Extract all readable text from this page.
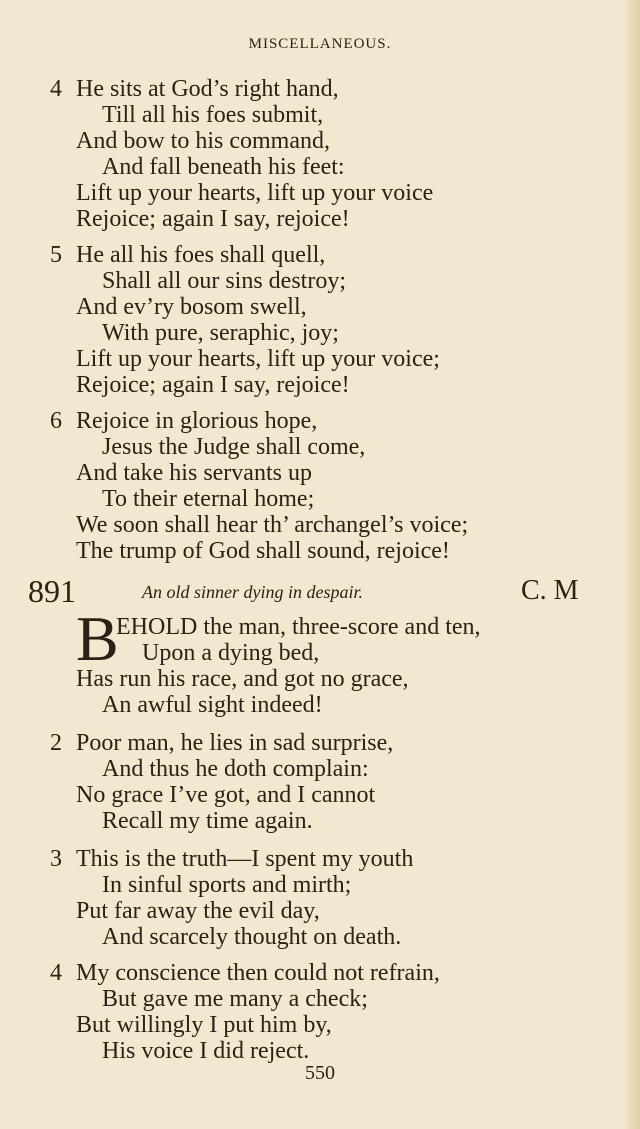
MISCELLANEOUS.
4 He sits at God’s right hand,
Till all his foes submit,
And bow to his command,
And fall beneath his feet:
Lift up your hearts, lift up your voice
Rejoice; again I say, rejoice!
5 He all his foes shall quell,
Shall all our sins destroy;
And ev’ry bosom swell,
With pure, seraphic, joy;
Lift up your hearts, lift up your voice;
Rejoice; again I say, rejoice!
6 Rejoice in glorious hope,
Jesus the Judge shall come,
And take his servants up
To their eternal home;
We soon shall hear th’ archangel’s voice;
The trump of God shall sound, rejoice!
891	An old sinner dying in despair.	C. M
B
EHOLD the man, three-score and ten,
Upon a dying bed,
Has run his race, and got no grace,
An awful sight indeed!
2 Poor man, he lies in sad surprise,
And thus he doth complain:
No grace I’ve got, and I cannot
Recall my time again.
3 This is the truth—I spent my youth
In sinful sports and mirth;
Put far away the evil day,
And scarcely thought on death.
4 My conscience then could not refrain,
But gave me many a check;
But willingly I put him by,
His voice I did reject.
550
